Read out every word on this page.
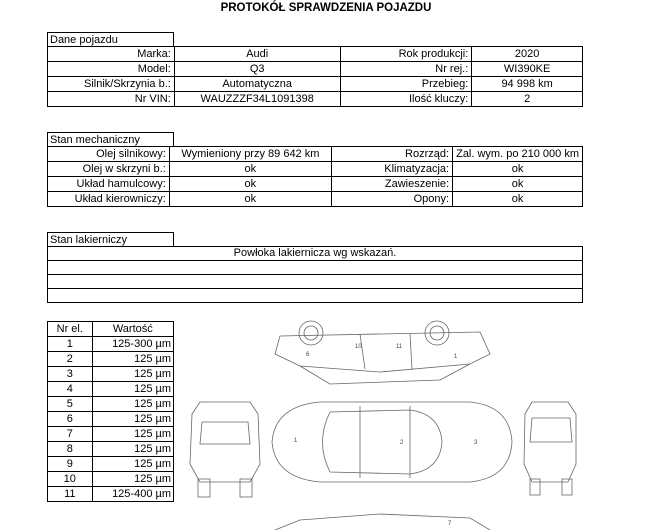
PROTOKÓŁ SPRAWDZENIA POJAZDU
Dane pojazdu
Marka:	Audi	Rok produkcji:	2020
Model:	Q3	Nr rej.:	WI390KE
Silnik/Skrzynia b.:	Automatyczna	Przebieg:	94 998 km
Nr VIN:	WAUZZZF34L1091398	Ilość kluczy:	2
Stan mechaniczny
Olej silnikowy:	Wymieniony przy 89 642 km	Rozrząd:	Zal. wym. po 210 000 km
Olej w skrzyni b.:	ok	Klimatyzacja:	ok
Układ hamulcowy:	ok	Zawieszenie:	ok
Układ kierowniczy:	ok	Opony:	ok
Stan lakierniczy
Powłoka lakiernicza wg wskazań.

Nr el.	Wartość
1	125-300 µm
2	125 µm
3	125 µm
4	125 µm
5	125 µm
6	125 µm
7	125 µm
8	125 µm
9	125 µm
10	125 µm
11	125-400 µm
6
10	11
1
1	2	3
7
